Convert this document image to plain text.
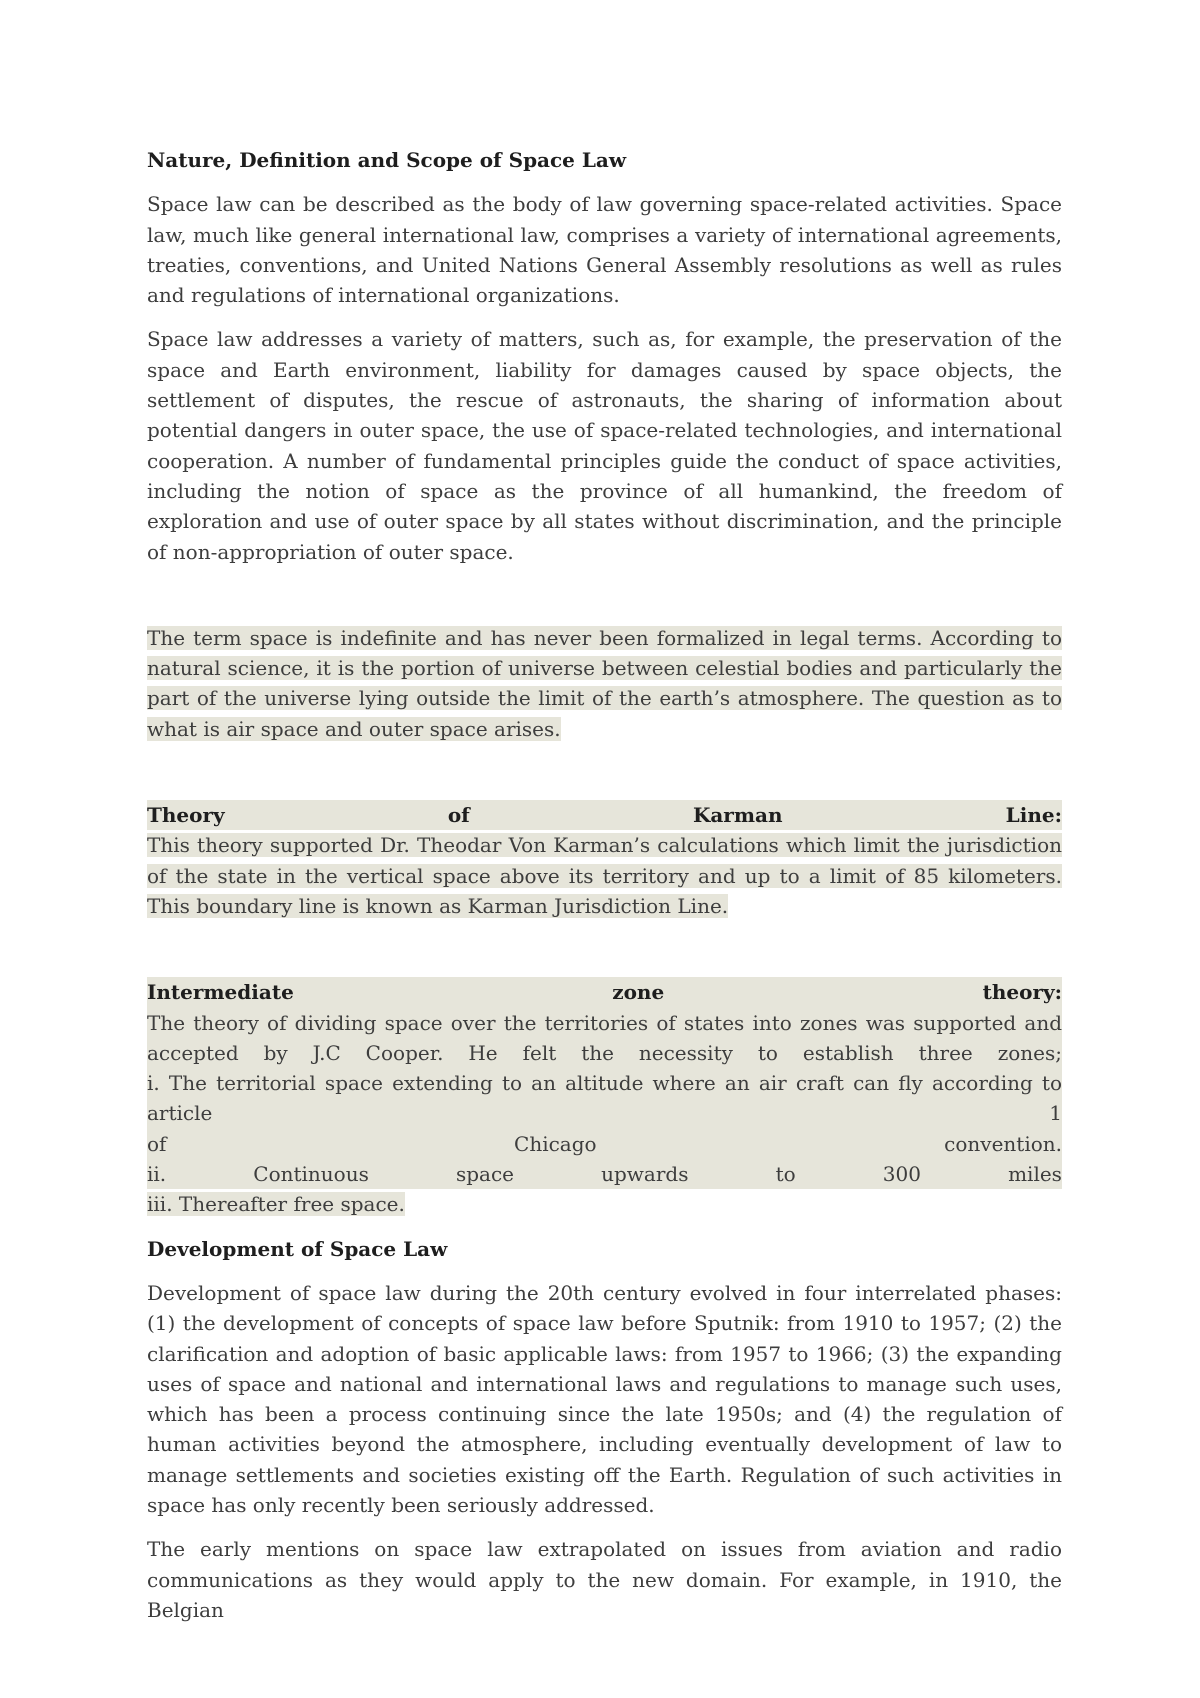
Nature, Definition and Scope of Space Law

Space law can be described as the body of law governing space-related activities. Space law, much like general international law, comprises a variety of international agreements, treaties, conventions, and United Nations General Assembly resolutions as well as rules and regulations of international organizations.

Space law addresses a variety of matters, such as, for example, the preservation of the space and Earth environment, liability for damages caused by space objects, the settlement of disputes, the rescue of astronauts, the sharing of information about potential dangers in outer space, the use of space-related technologies, and international cooperation. A number of fundamental principles guide the conduct of space activities, including the notion of space as the province of all humankind, the freedom of exploration and use of outer space by all states without discrimination, and the principle of non-appropriation of outer space.

The term space is indefinite and has never been formalized in legal terms. According to natural science, it is the portion of universe between celestial bodies and particularly the part of the universe lying outside the limit of the earth’s atmosphere. The question as to what is air space and outer space arises.

Theory	of	Karman	Line:

This theory supported Dr. Theodar Von Karman’s calculations which limit the jurisdiction of the state in the vertical space above its territory and up to a limit of 85 kilometers. This boundary line is known as Karman Jurisdiction Line.

Intermediate	zone	theory:
The theory of dividing space over the territories of states into zones was supported and
accepted by J.C Cooper. He felt the necessity to establish three zones;
i. The territorial space extending to an altitude where an air craft can fly according to article 1
of	Chicago	convention.
ii.	Continuous	space	upwards	to	300	miles
iii. Thereafter free space.

Development of Space Law

Development of space law during the 20th century evolved in four interrelated phases: (1) the development of concepts of space law before Sputnik: from 1910 to 1957; (2) the clarification and adoption of basic applicable laws: from 1957 to 1966; (3) the expanding uses of space and national and international laws and regulations to manage such uses, which has been a process continuing since the late 1950s; and (4) the regulation of human activities beyond the atmosphere, including eventually development of law to manage settlements and societies existing off the Earth. Regulation of such activities in space has only recently been seriously addressed.

The early mentions on space law extrapolated on issues from aviation and radio
communications as they would apply to the new domain. For example, in 1910, the Belgian
